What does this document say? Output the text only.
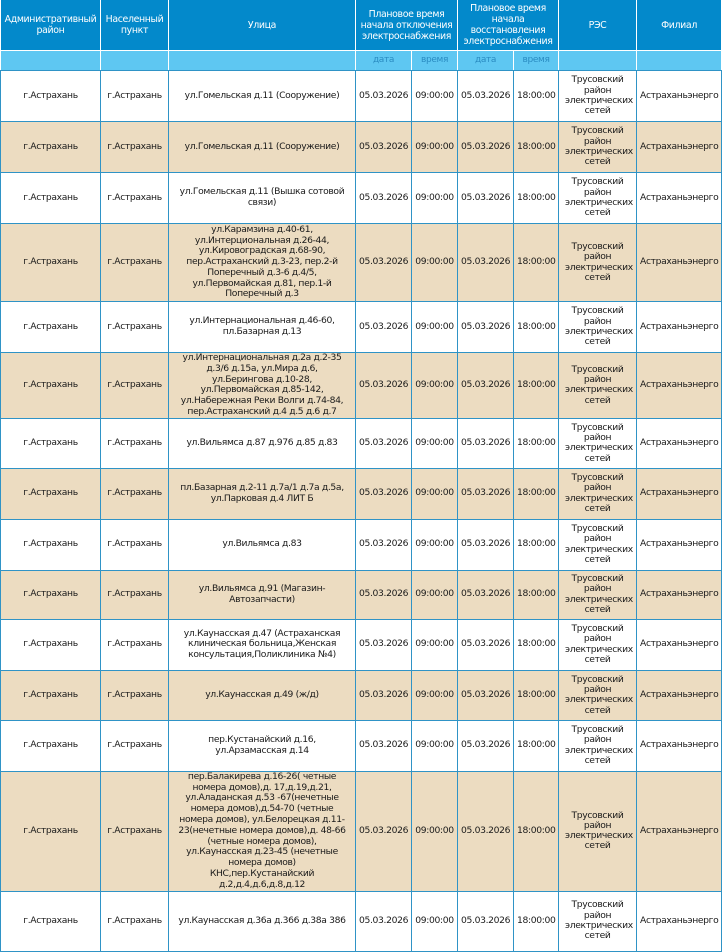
Административный район	Населенный пункт	Улица	Плановое время начала отключения электроснабжения		Плановое время начала восстановления электроснабжения		РЭС	Филиал
			дата	время	дата	время		
г.Астрахань	г.Астрахань	ул.Гомельская д.11 (Сооружение)	05.03.2026	09:00:00	05.03.2026	18:00:00	Трусовский район электрических сетей	Астраханьэнерго
г.Астрахань	г.Астрахань	ул.Гомельская д.11 (Сооружение)	05.03.2026	09:00:00	05.03.2026	18:00:00	Трусовский район электрических сетей	Астраханьэнерго
г.Астрахань	г.Астрахань	ул.Гомельская д.11 (Вышка сотовой связи)	05.03.2026	09:00:00	05.03.2026	18:00:00	Трусовский район электрических сетей	Астраханьэнерго
г.Астрахань	г.Астрахань	ул.Карамзина д.40-61, ул.Интерциональная д.26-44, ул.Кировоградская д.68-90, пер.Астраханский д.3-23, пер.2-й Поперечный д.3-6 д.4/5, ул.Первомайская д.81, пер.1-й Поперечный д.3	05.03.2026	09:00:00	05.03.2026	18:00:00	Трусовский район электрических сетей	Астраханьэнерго
г.Астрахань	г.Астрахань	ул.Интернациональная д.46-60, пл.Базарная д.13	05.03.2026	09:00:00	05.03.2026	18:00:00	Трусовский район электрических сетей	Астраханьэнерго
г.Астрахань	г.Астрахань	ул.Интернациональная д.2а д.2-35 д.3/6 д.15а, ул.Мира д.6, ул.Берингова д.10-28, ул.Первомайская д.85-142, ул.Набережная Реки Волги д.74-84, пер.Астраханский д.4 д.5 д.6 д.7	05.03.2026	09:00:00	05.03.2026	18:00:00	Трусовский район электрических сетей	Астраханьэнерго
г.Астрахань	г.Астрахань	ул.Вильямса д.87 д.976 д.85 д.83	05.03.2026	09:00:00	05.03.2026	18:00:00	Трусовский район электрических сетей	Астраханьэнерго
г.Астрахань	г.Астрахань	пл.Базарная д.2-11 д.7а/1 д.7а д.5а, ул.Парковая д.4 ЛИТ Б	05.03.2026	09:00:00	05.03.2026	18:00:00	Трусовский район электрических сетей	Астраханьэнерго
г.Астрахань	г.Астрахань	ул.Вильямса д.83	05.03.2026	09:00:00	05.03.2026	18:00:00	Трусовский район электрических сетей	Астраханьэнерго
г.Астрахань	г.Астрахань	ул.Вильямса д.91 (Магазин-Автозапчасти)	05.03.2026	09:00:00	05.03.2026	18:00:00	Трусовский район электрических сетей	Астраханьэнерго
г.Астрахань	г.Астрахань	ул.Каунасская д.47 (Астраханская клиническая больница,Женская консультация,Поликлиника №4)	05.03.2026	09:00:00	05.03.2026	18:00:00	Трусовский район электрических сетей	Астраханьэнерго
г.Астрахань	г.Астрахань	ул.Каунасская д.49 (ж/д)	05.03.2026	09:00:00	05.03.2026	18:00:00	Трусовский район электрических сетей	Астраханьэнерго
г.Астрахань	г.Астрахань	пер.Кустанайский д.16, ул.Арзамасская д.14	05.03.2026	09:00:00	05.03.2026	18:00:00	Трусовский район электрических сетей	Астраханьэнерго
г.Астрахань	г.Астрахань	пер.Балакирева д.16-26( четные номера домов),д. 17,д.19,д.21, ул.Аладанская д.53 -67(нечетные номера домов),д.54-70 (четные номера домов), ул.Белорецкая д.11-23(нечетные номера домов),д. 48-66 (четные номера домов), ул.Каунасская д.23-45 (нечетные номера домов) КНС,пер.Кустанайский д.2,д.4,д.6,д.8,д.12	05.03.2026	09:00:00	05.03.2026	18:00:00	Трусовский район электрических сетей	Астраханьэнерго
г.Астрахань	г.Астрахань	ул.Каунасская д.36а д.366 д.38а 386	05.03.2026	09:00:00	05.03.2026	18:00:00	Трусовский район электрических сетей	Астраханьэнерго
